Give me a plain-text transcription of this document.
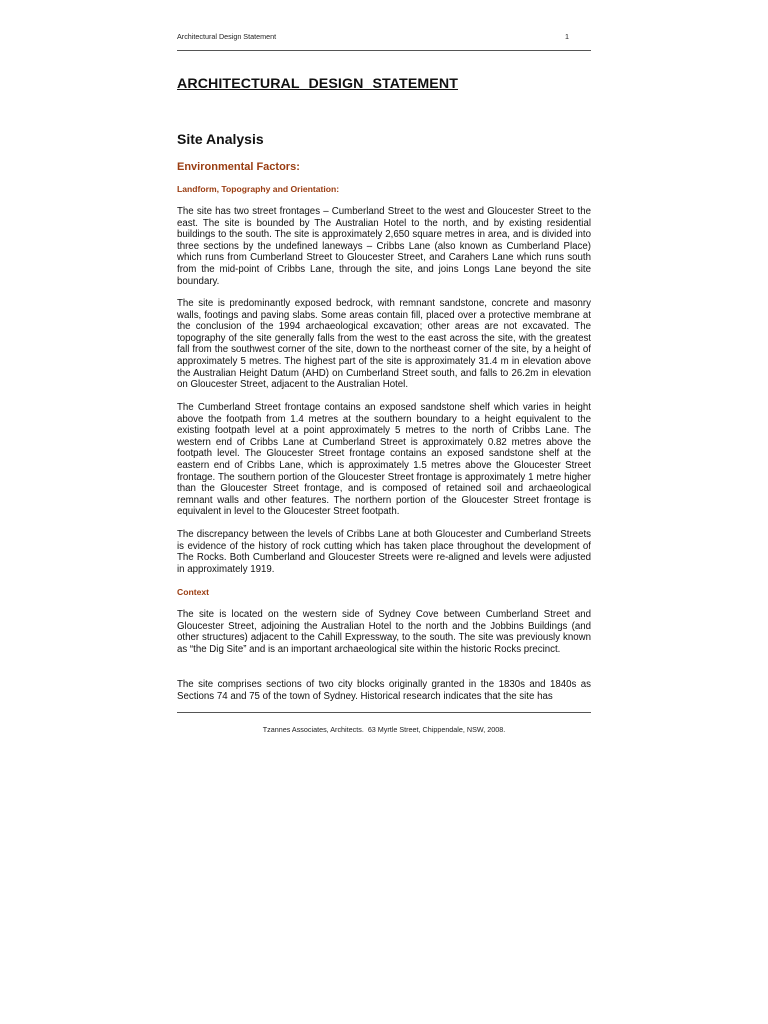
Architectural Design Statement	1
ARCHITECTURAL DESIGN STATEMENT
Site Analysis
Environmental Factors:
Landform, Topography and Orientation:

The site has two street frontages – Cumberland Street to the west and Gloucester Street to the east. The site is bounded by The Australian Hotel to the north, and by existing residential buildings to the south. The site is approximately 2,650 square metres in area, and is divided into three sections by the undefined laneways – Cribbs Lane (also known as Cumberland Place) which runs from Cumberland Street to Gloucester Street, and Carahers Lane which runs south from the mid-point of Cribbs Lane, through the site, and joins Longs Lane beyond the site boundary.

The site is predominantly exposed bedrock, with remnant sandstone, concrete and masonry walls, footings and paving slabs. Some areas contain fill, placed over a protective membrane at the conclusion of the 1994 archaeological excavation; other areas are not excavated. The topography of the site generally falls from the west to the east across the site, with the greatest fall from the southwest corner of the site, down to the northeast corner of the site, by a height of approximately 5 metres. The highest part of the site is approximately 31.4 m in elevation above the Australian Height Datum (AHD) on Cumberland Street south, and falls to 26.2m in elevation on Gloucester Street, adjacent to the Australian Hotel.

The Cumberland Street frontage contains an exposed sandstone shelf which varies in height above the footpath from 1.4 metres at the southern boundary to a height equivalent to the existing footpath level at a point approximately 5 metres to the north of Cribbs Lane. The western end of Cribbs Lane at Cumberland Street is approximately 0.82 metres above the footpath level. The Gloucester Street frontage contains an exposed sandstone shelf at the eastern end of Cribbs Lane, which is approximately 1.5 metres above the Gloucester Street frontage. The southern portion of the Gloucester Street frontage is approximately 1 metre higher than the Gloucester Street frontage, and is composed of retained soil and archaeological remnant walls and other features. The northern portion of the Gloucester Street frontage is equivalent in level to the Gloucester Street footpath.

The discrepancy between the levels of Cribbs Lane at both Gloucester and Cumberland Streets is evidence of the history of rock cutting which has taken place throughout the development of The Rocks. Both Cumberland and Gloucester Streets were re-aligned and levels were adjusted in approximately 1919.

Context

The site is located on the western side of Sydney Cove between Cumberland Street and Gloucester Street, adjoining the Australian Hotel to the north and the Jobbins Buildings (and other structures) adjacent to the Cahill Expressway, to the south. The site was previously known as “the Dig Site” and is an important archaeological site within the historic Rocks precinct.

The site comprises sections of two city blocks originally granted in the 1830s and 1840s as Sections 74 and 75 of the town of Sydney. Historical research indicates that the site has

Tzannes Associates, Architects.  63 Myrtle Street, Chippendale, NSW, 2008.
